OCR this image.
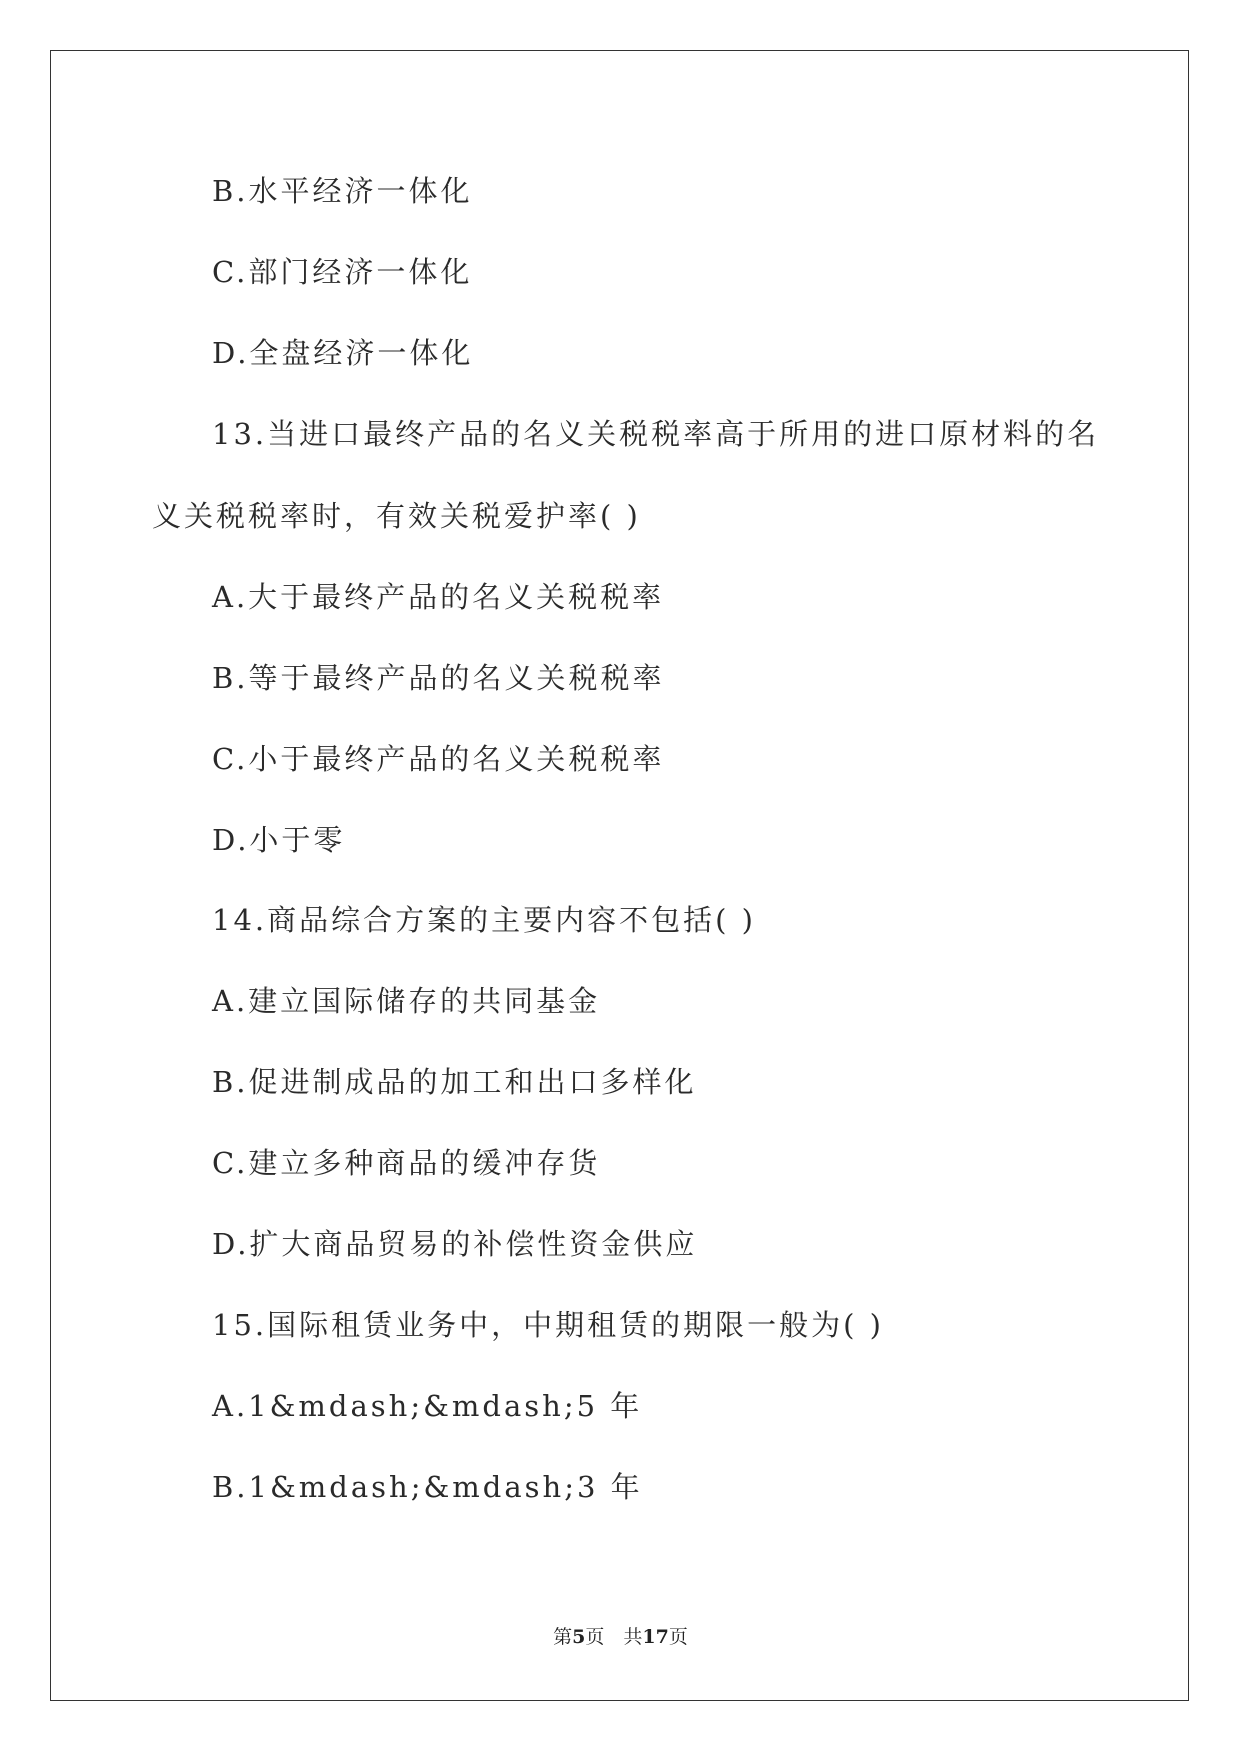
B.水平经济一体化
C.部门经济一体化
D.全盘经济一体化
13.当进口最终产品的名义关税税率高于所用的进口原材料的名
义关税税率时，有效关税爱护率( )
A.大于最终产品的名义关税税率
B.等于最终产品的名义关税税率
C.小于最终产品的名义关税税率
D.小于零
14.商品综合方案的主要内容不包括( )
A.建立国际储存的共同基金
B.促进制成品的加工和出口多样化
C.建立多种商品的缓冲存货
D.扩大商品贸易的补偿性资金供应
15.国际租赁业务中，中期租赁的期限一般为( )
A.1&mdash;&mdash;5 年
B.1&mdash;&mdash;3 年
第5页　共17页
